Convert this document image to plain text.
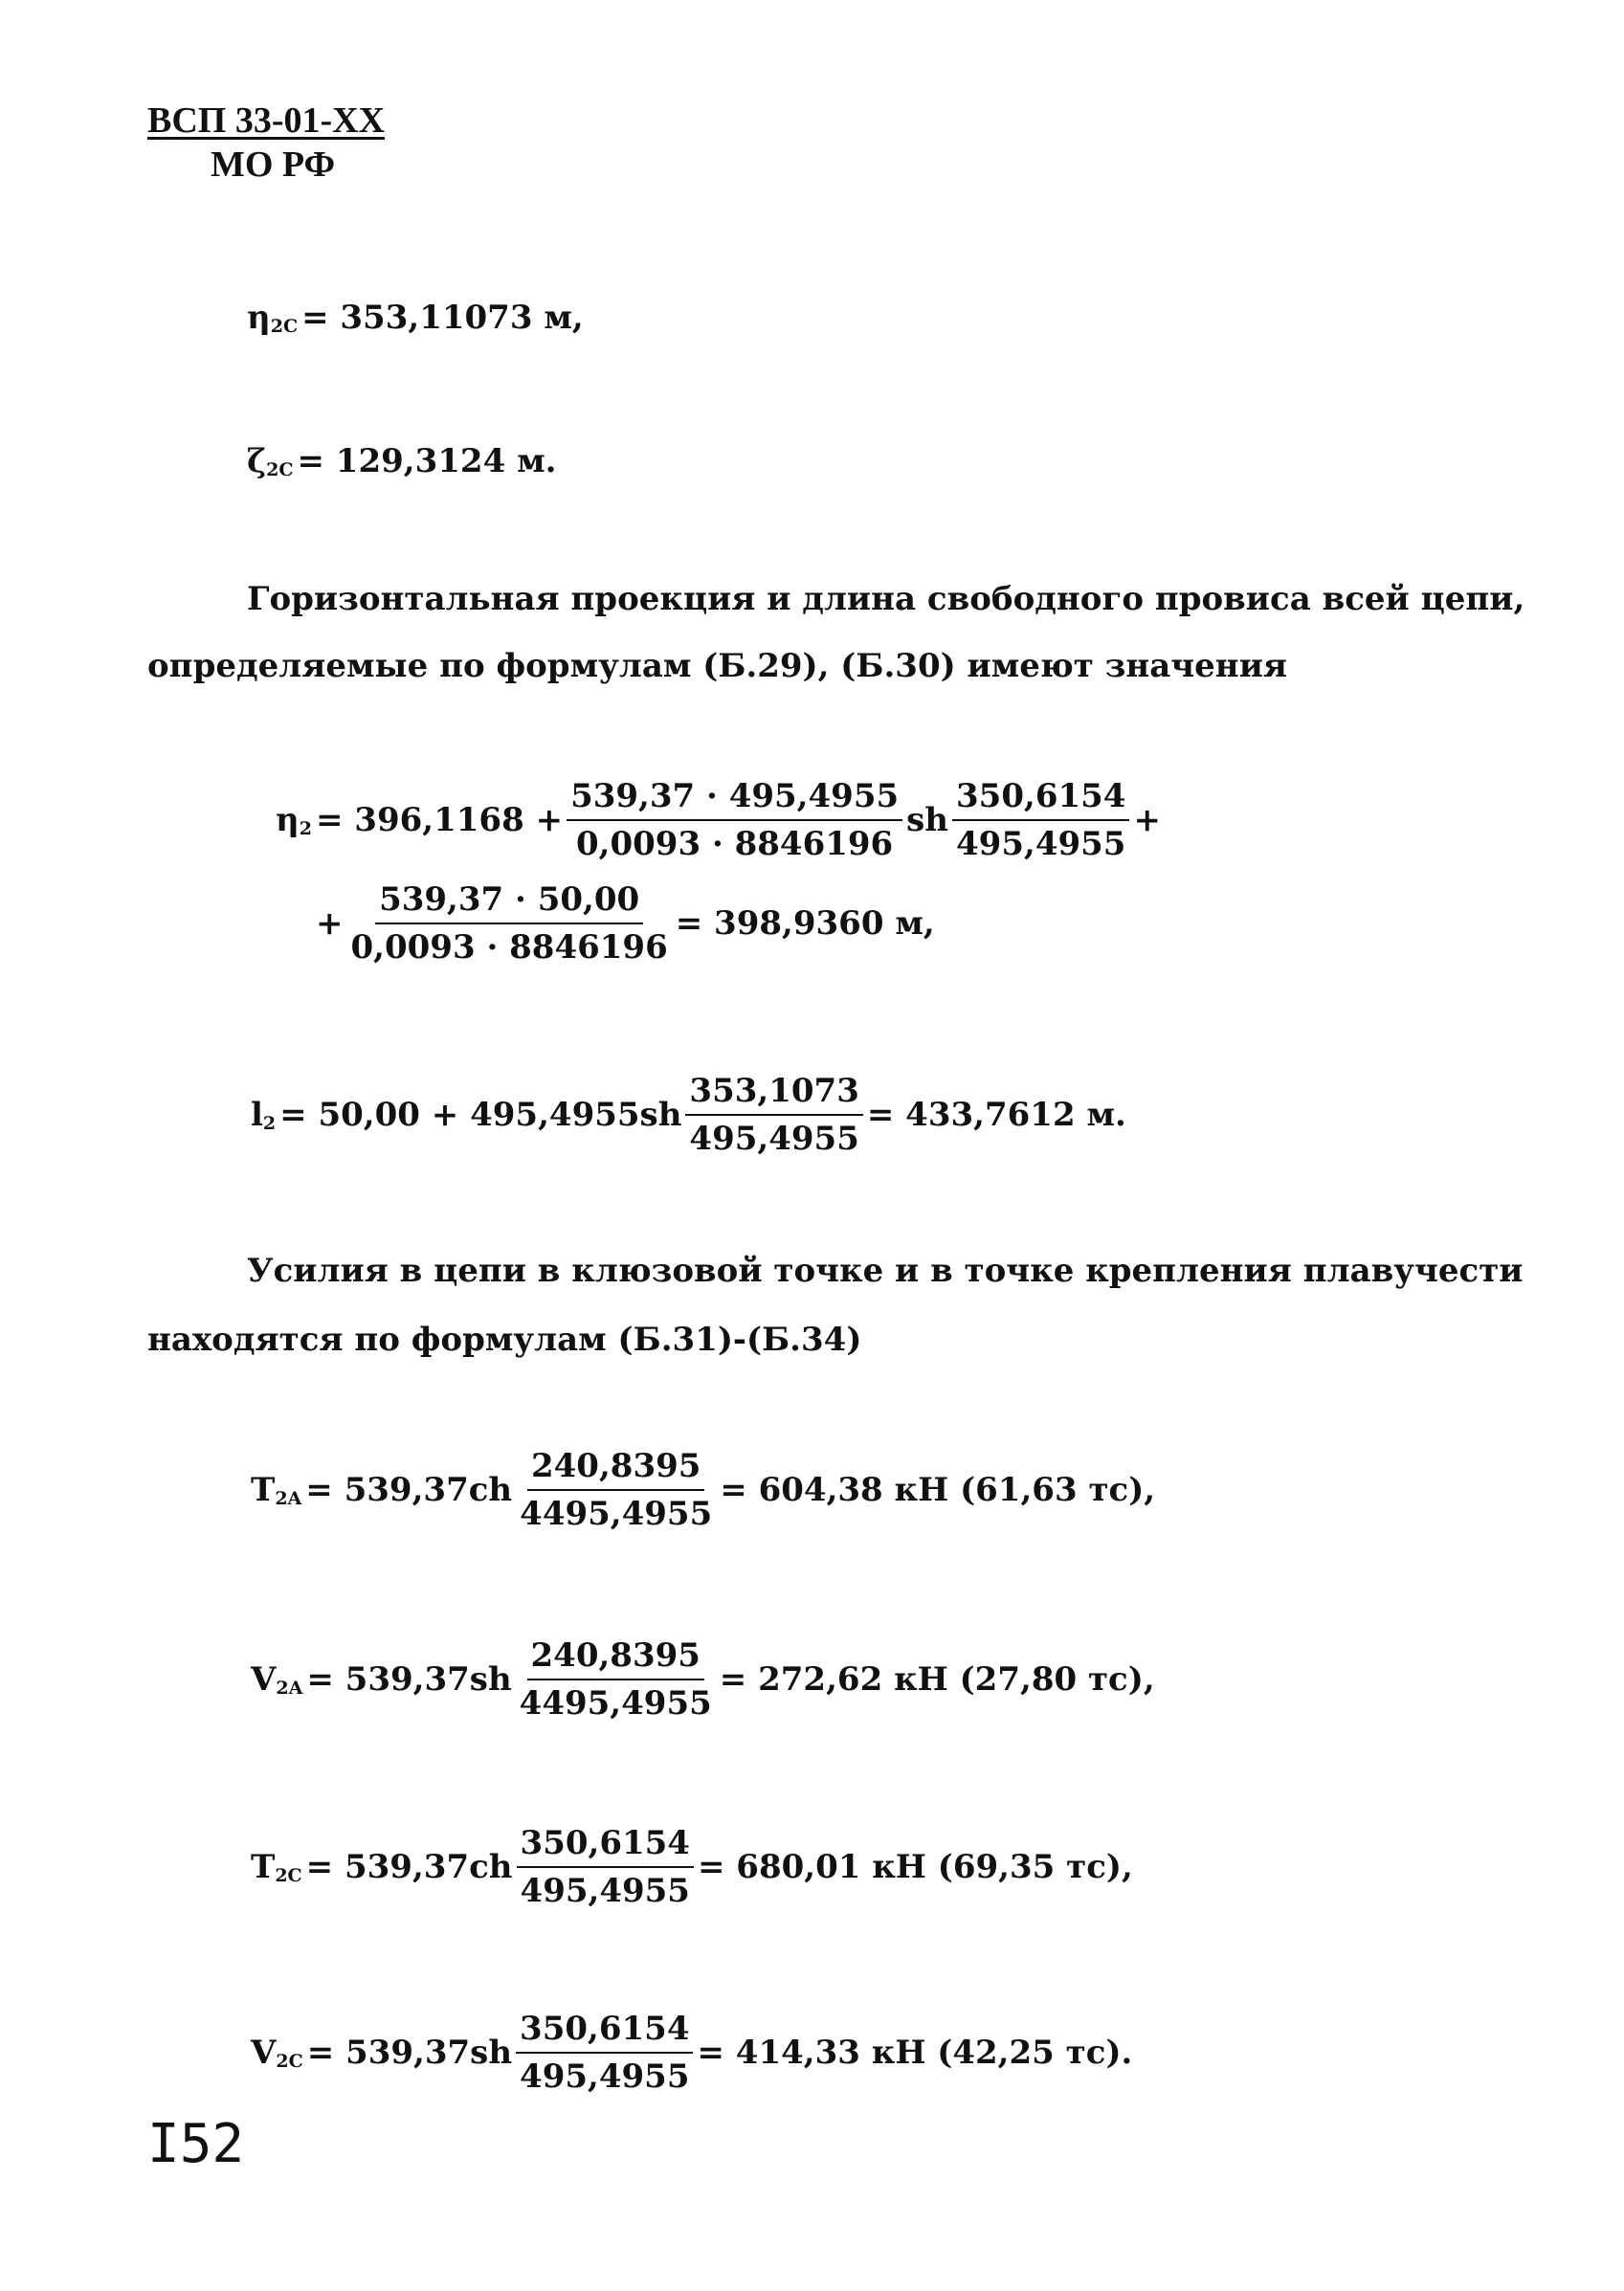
ВСП 33-01-XX
МО РФ
η 2С = 353,11073 м,
ζ 2С = 129,3124 м.
Горизонтальная проекция и длина свободного провиса всей цепи,
определяемые по формулам (Б.29), (Б.30) имеют значения
η $2 = 396,1168 + \frac{539,37 \cdot 495,4955}{0,0093 \cdot 8846196}$ sh $\frac{350,6154}{495,4955}$ +
+ $\frac{539,37 \cdot 50,00}{0,0093 \cdot 8846196} = 398,9360$ м,
l $2 = 50,00 + 495,4955sh \frac{353,1073}{495,4955} = 433,7612$ м.
Усилия в цепи в клюзовой точке и в точке крепления плавучести
находятся по формулам (Б.31)-(Б.34)
T $2A = 539,37ch \frac{240,8395}{4495,4955} = 604,38$ кН (61,63 тс),
V $2A = 539,37sh \frac{240,8395}{4495,4955} = 272,62$ кН (27,80 тс),
T $2С = 539,37ch \frac{350,6154}{495,4955} = 680,01$ кН (69,35 тс),
V $2С = 539,37sh \frac{350,6154}{495,4955} = 414,33$ кН (42,25 тс).
I52
